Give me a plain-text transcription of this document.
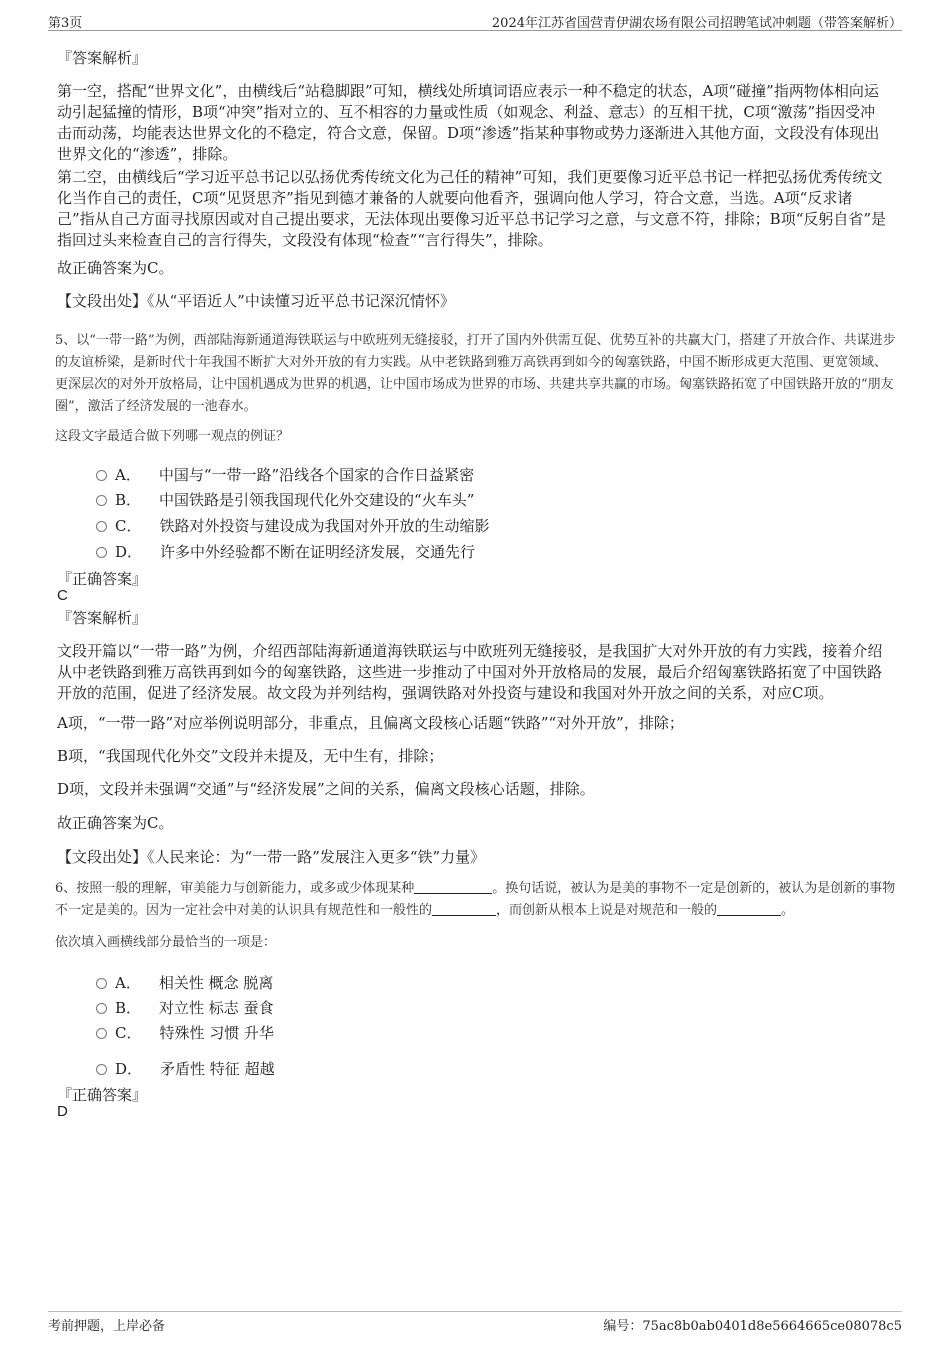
第3页	2024年江苏省国营青伊湖农场有限公司招聘笔试冲刺题（带答案解析）
『答案解析』

第一空，搭配“世界文化”，由横线后“站稳脚跟”可知，横线处所填词语应表示一种不稳定的状态，A项“碰撞”指两物体相向运动引起猛撞的情形，B项“冲突”指对立的、互不相容的力量或性质（如观念、利益、意志）的互相干扰，C项“激荡”指因受冲击而动荡，均能表达世界文化的不稳定，符合文意，保留。D项“渗透”指某种事物或势力逐渐进入其他方面，文段没有体现出世界文化的“渗透”，排除。

第二空，由横线后“学习近平总书记以弘扬优秀传统文化为己任的精神”可知，我们更要像习近平总书记一样把弘扬优秀传统文化当作自己的责任，C项“见贤思齐”指见到德才兼备的人就要向他看齐，强调向他人学习，符合文意，当选。A项“反求诸己”指从自己方面寻找原因或对自己提出要求，无法体现出要像习近平总书记学习之意，与文意不符，排除；B项“反躬自省”是指回过头来检查自己的言行得失，文段没有体现“检查”“言行得失”，排除。

故正确答案为C。
【文段出处】《从“平语近人”中读懂习近平总书记深沉情怀》

5、以“一带一路”为例，西部陆海新通道海铁联运与中欧班列无缝接驳，打开了国内外供需互促、优势互补的共赢大门，搭建了开放合作、共谋进步的友谊桥梁，是新时代十年我国不断扩大对外开放的有力实践。从中老铁路到雅万高铁再到如今的匈塞铁路，中国不断形成更大范围、更宽领域、更深层次的对外开放格局，让中国机遇成为世界的机遇，让中国市场成为世界的市场、共建共享共赢的市场。匈塞铁路拓宽了中国铁路开放的“朋友圈”，激活了经济发展的一池春水。

这段文字最适合做下列哪一观点的例证？
A． 中国与“一带一路”沿线各个国家的合作日益紧密
B． 中国铁路是引领我国现代化外交建设的“火车头”
C． 铁路对外投资与建设成为我国对外开放的生动缩影
D． 许多中外经验都不断在证明经济发展，交通先行
『正确答案』
C
『答案解析』

文段开篇以“一带一路”为例，介绍西部陆海新通道海铁联运与中欧班列无缝接驳，是我国扩大对外开放的有力实践，接着介绍从中老铁路到雅万高铁再到如今的匈塞铁路，这些进一步推动了中国对外开放格局的发展，最后介绍匈塞铁路拓宽了中国铁路开放的范围，促进了经济发展。故文段为并列结构，强调铁路对外投资与建设和我国对外开放之间的关系，对应C项。

A项，“一带一路”对应举例说明部分，非重点，且偏离文段核心话题“铁路”“对外开放”，排除；
B项，“我国现代化外交”文段并未提及，无中生有，排除；
D项，文段并未强调“交通”与“经济发展”之间的关系，偏离文段核心话题，排除。
故正确答案为C。
【文段出处】《人民来论：为“一带一路”发展注入更多“铁”力量》

6、按照一般的理解，审美能力与创新能力，或多或少体现某种	。换句话说，被认为是美的事物不一定是创新的，被认为是创新的事物不一定是美的。因为一定社会中对美的认识具有规范性和一般性的	，而创新从根本上说是对规范和一般的	。

依次填入画横线部分最恰当的一项是：
A． 相关性 概念 脱离
B． 对立性 标志 蚕食
C． 特殊性 习惯 升华
D． 矛盾性 特征 超越
『正确答案』
D
考前押题，上岸必备	编号：75ac8b0ab0401d8e5664665ce08078c5
